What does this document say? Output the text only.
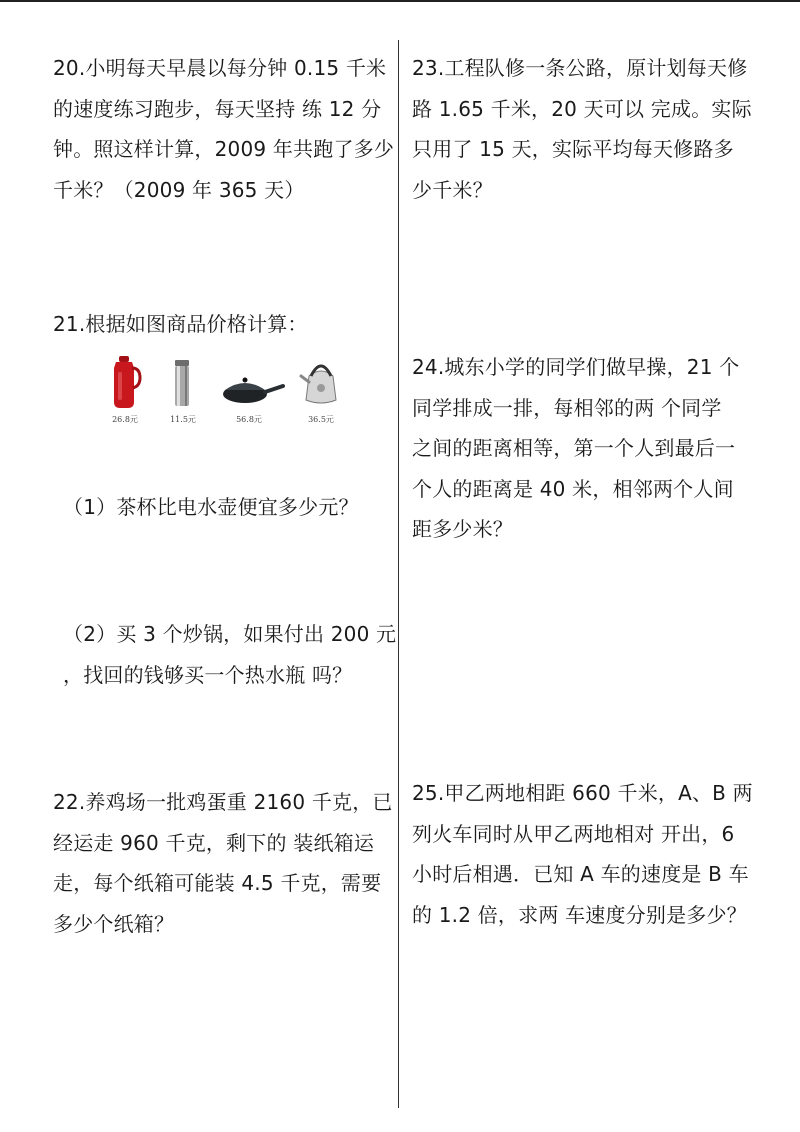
20.小明每天早晨以每分钟 0.15 千米
的速度练习跑步，每天坚持 练 12 分
钟。照这样计算，2009 年共跑了多少
千米？（2009 年 365 天）
21.根据如图商品价格计算：
26.8元	11.5元	56.8元	36.5元
（1）茶杯比电水壶便宜多少元？
（2）买 3 个炒锅，如果付出 200 元
，找回的钱够买一个热水瓶 吗？
22.养鸡场一批鸡蛋重 2160 千克，已
经运走 960 千克，剩下的 装纸箱运
走，每个纸箱可能装 4.5 千克，需要
多少个纸箱？
23.工程队修一条公路，原计划每天修
路 1.65 千米，20 天可以 完成。实际
只用了 15 天，实际平均每天修路多
少千米？
24.城东小学的同学们做早操，21 个
同学排成一排，每相邻的两 个同学
之间的距离相等，第一个人到最后一
个人的距离是 40 米，相邻两个人间
距多少米？
25.甲乙两地相距 660 千米，A、B 两
列火车同时从甲乙两地相对 开出，6
小时后相遇．已知 A 车的速度是 B 车
的 1.2 倍，求两 车速度分别是多少？
